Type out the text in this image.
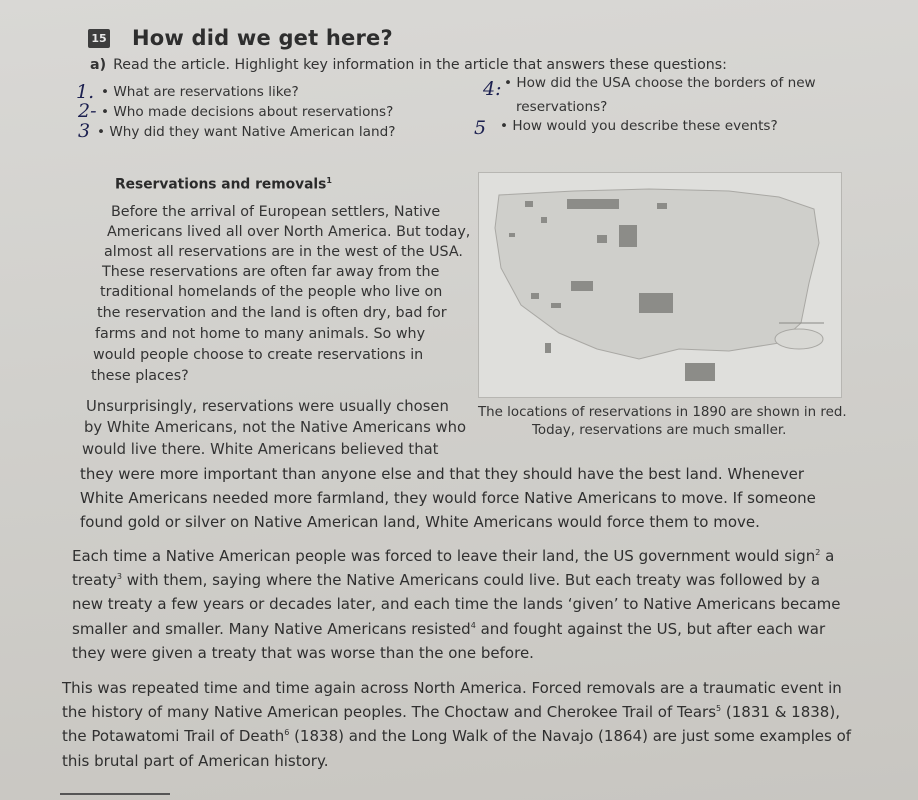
15 How did we get here?
a) Read the article. Highlight key information in the article that answers these questions:
1.
2-
3
4:
5
• What are reservations like?
• Who made decisions about reservations?
• Why did they want Native American land?
• How did the USA choose the borders of new
reservations?
• How would you describe these events?
Reservations and removals$^1$
Before the arrival of European settlers, Native
Americans lived all over North America. But today,
almost all reservations are in the west of the USA.
These reservations are often far away from the
traditional homelands of the people who live on
the reservation and the land is often dry, bad for
farms and not home to many animals. So why
would people choose to create reservations in
these places?
The locations of reservations in 1890 are shown in red.
Today, reservations are much smaller.
Unsurprisingly, reservations were usually chosen
by White Americans, not the Native Americans who
would live there. White Americans believed that
they were more important than anyone else and that they should have the best land. Whenever White Americans needed more farmland, they would force Native Americans to move. If someone found gold or silver on Native American land, White Americans would force them to move.
Each time a Native American people was forced to leave their land, the US government would sign$^2$ a treaty$^3$ with them, saying where the Native Americans could live. But each treaty was followed by a new treaty a few years or decades later, and each time the lands ‘given’ to Native Americans became smaller and smaller. Many Native Americans resisted$^4$ and fought against the US, but after each war they were given a treaty that was worse than the one before.
This was repeated time and time again across North America. Forced removals are a traumatic event in the history of many Native American peoples. The Choctaw and Cherokee Trail of Tears$^5$ (1831 & 1838), the Potawatomi Trail of Death$^6$ (1838) and the Long Walk of the Navajo (1864) are just some examples of this brutal part of American history.
